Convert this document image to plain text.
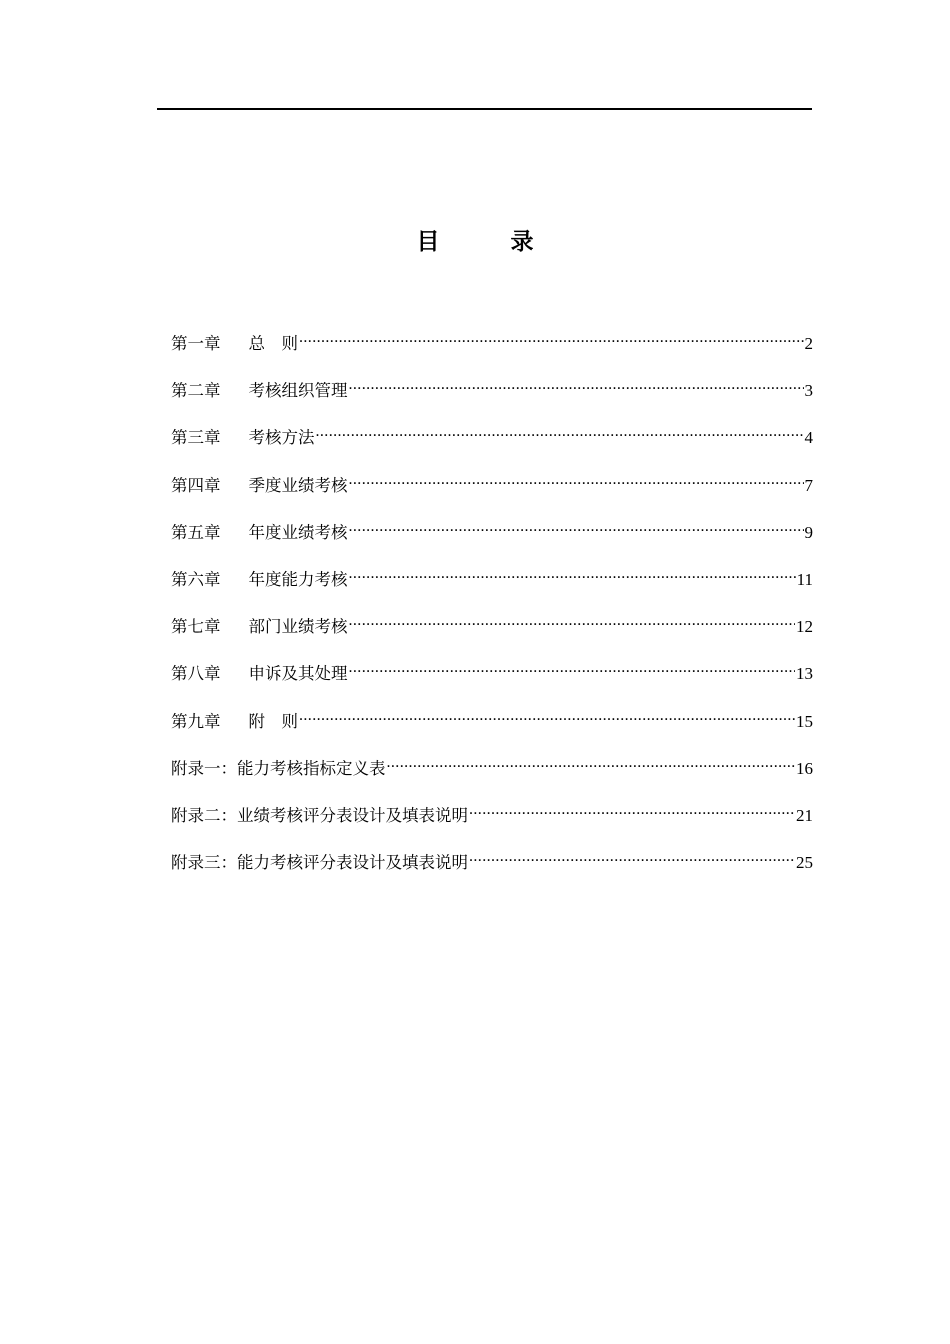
目　录
第一章 总　则 .....	2
第二章 考核组织管理 .....	3
第三章 考核方法 .....	4
第四章 季度业绩考核 .....	7
第五章 年度业绩考核 .....	9
第六章 年度能力考核 .....	11
第七章 部门业绩考核 .....	12
第八章 申诉及其处理 .....	13
第九章 附　则 .....	15
附录一： 能力考核指标定义表 .....	16
附录二： 业绩考核评分表设计及填表说明 .....	21
附录三： 能力考核评分表设计及填表说明 .....	25
